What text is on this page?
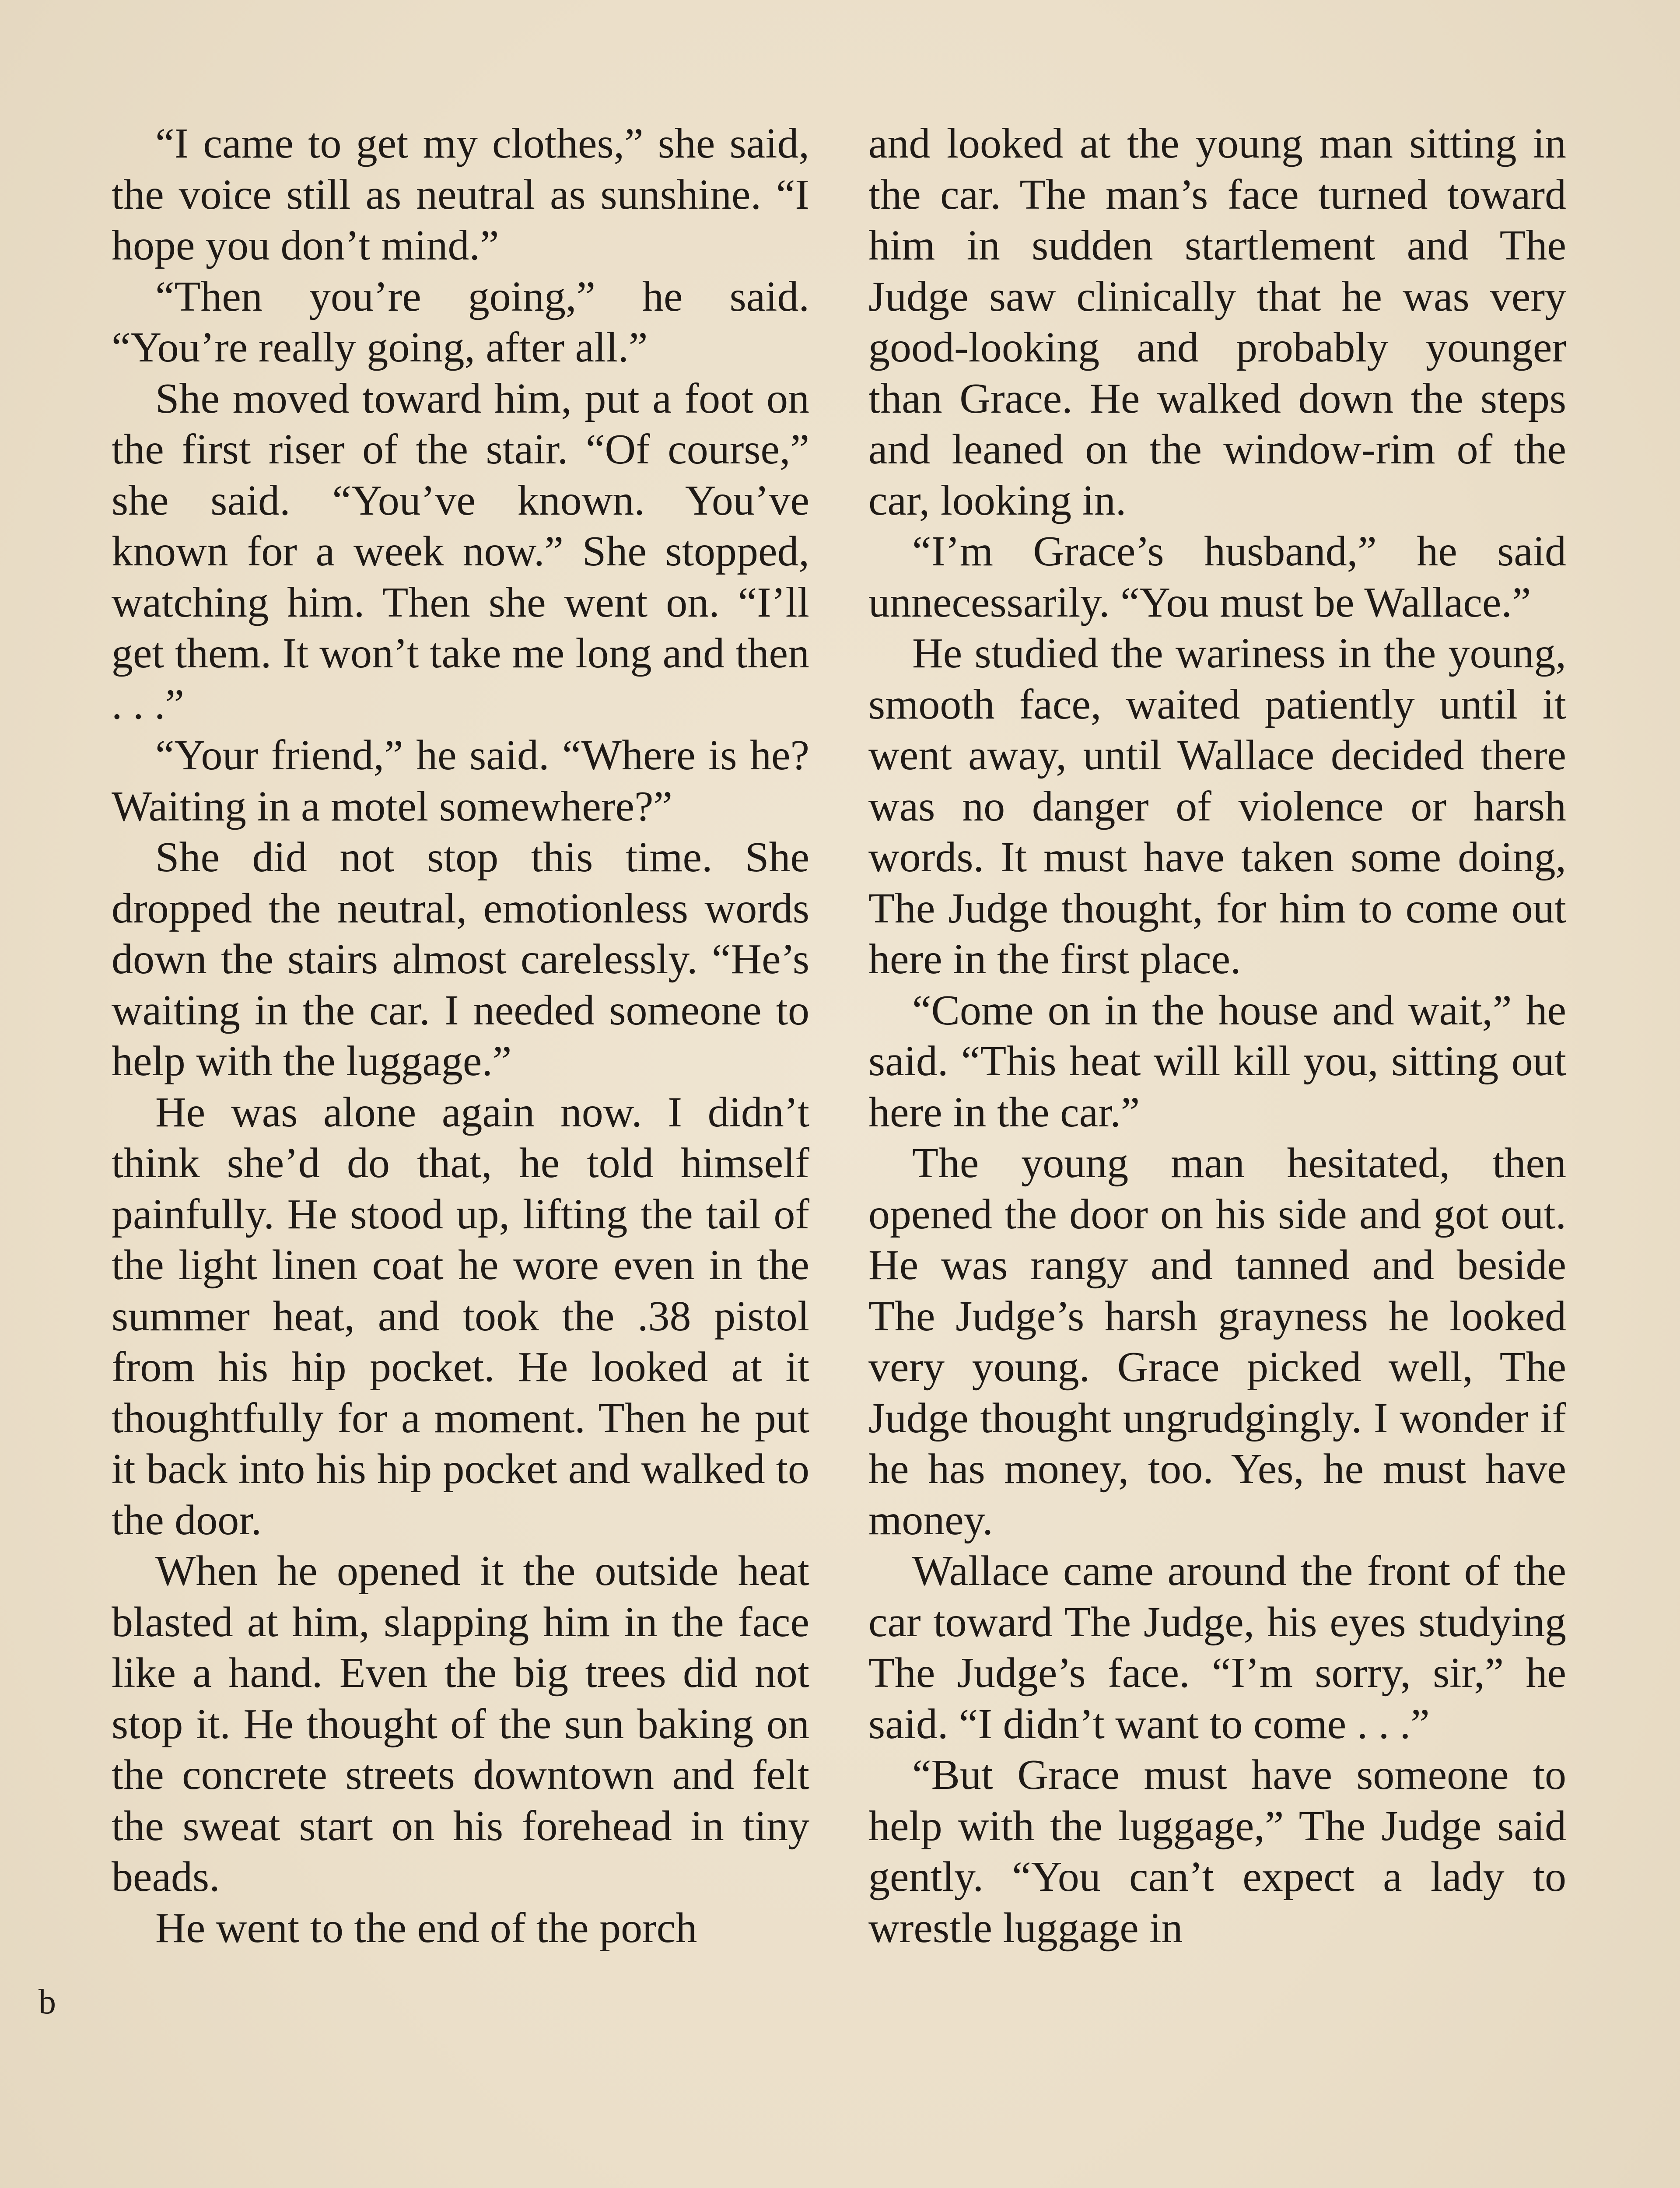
“I came to get my clothes,” she said, the voice still as neutral as sunshine. “I hope you don’t mind.”

“Then you’re going,” he said. “You’re really going, after all.”

She moved toward him, put a foot on the first riser of the stair. “Of course,” she said. “You’ve known. You’ve known for a week now.” She stopped, watching him. Then she went on. “I’ll get them. It won’t take me long and then . . .”

“Your friend,” he said. “Where is he? Waiting in a motel somewhere?”

She did not stop this time. She dropped the neutral, emotionless words down the stairs almost carelessly. “He’s waiting in the car. I needed someone to help with the luggage.”

He was alone again now. I didn’t think she’d do that, he told himself painfully. He stood up, lifting the tail of the light linen coat he wore even in the summer heat, and took the .38 pistol from his hip pocket. He looked at it thoughtfully for a moment. Then he put it back into his hip pocket and walked to the door.

When he opened it the outside heat blasted at him, slapping him in the face like a hand. Even the big trees did not stop it. He thought of the sun baking on the concrete streets downtown and felt the sweat start on his forehead in tiny beads.

He went to the end of the porch

and looked at the young man sitting in the car. The man’s face turned toward him in sudden startlement and The Judge saw clinically that he was very good-looking and probably younger than Grace. He walked down the steps and leaned on the window-rim of the car, looking in.

“I’m Grace’s husband,” he said unnecessarily. “You must be Wallace.”

He studied the wariness in the young, smooth face, waited patiently until it went away, until Wallace decided there was no danger of violence or harsh words. It must have taken some doing, The Judge thought, for him to come out here in the first place.

“Come on in the house and wait,” he said. “This heat will kill you, sitting out here in the car.”

The young man hesitated, then opened the door on his side and got out. He was rangy and tanned and beside The Judge’s harsh grayness he looked very young. Grace picked well, The Judge thought ungrudgingly. I wonder if he has money, too. Yes, he must have money.

Wallace came around the front of the car toward The Judge, his eyes studying The Judge’s face. “I’m sorry, sir,” he said. “I didn’t want to come . . .”

“But Grace must have someone to help with the luggage,” The Judge said gently. “You can’t expect a lady to wrestle luggage in

b
